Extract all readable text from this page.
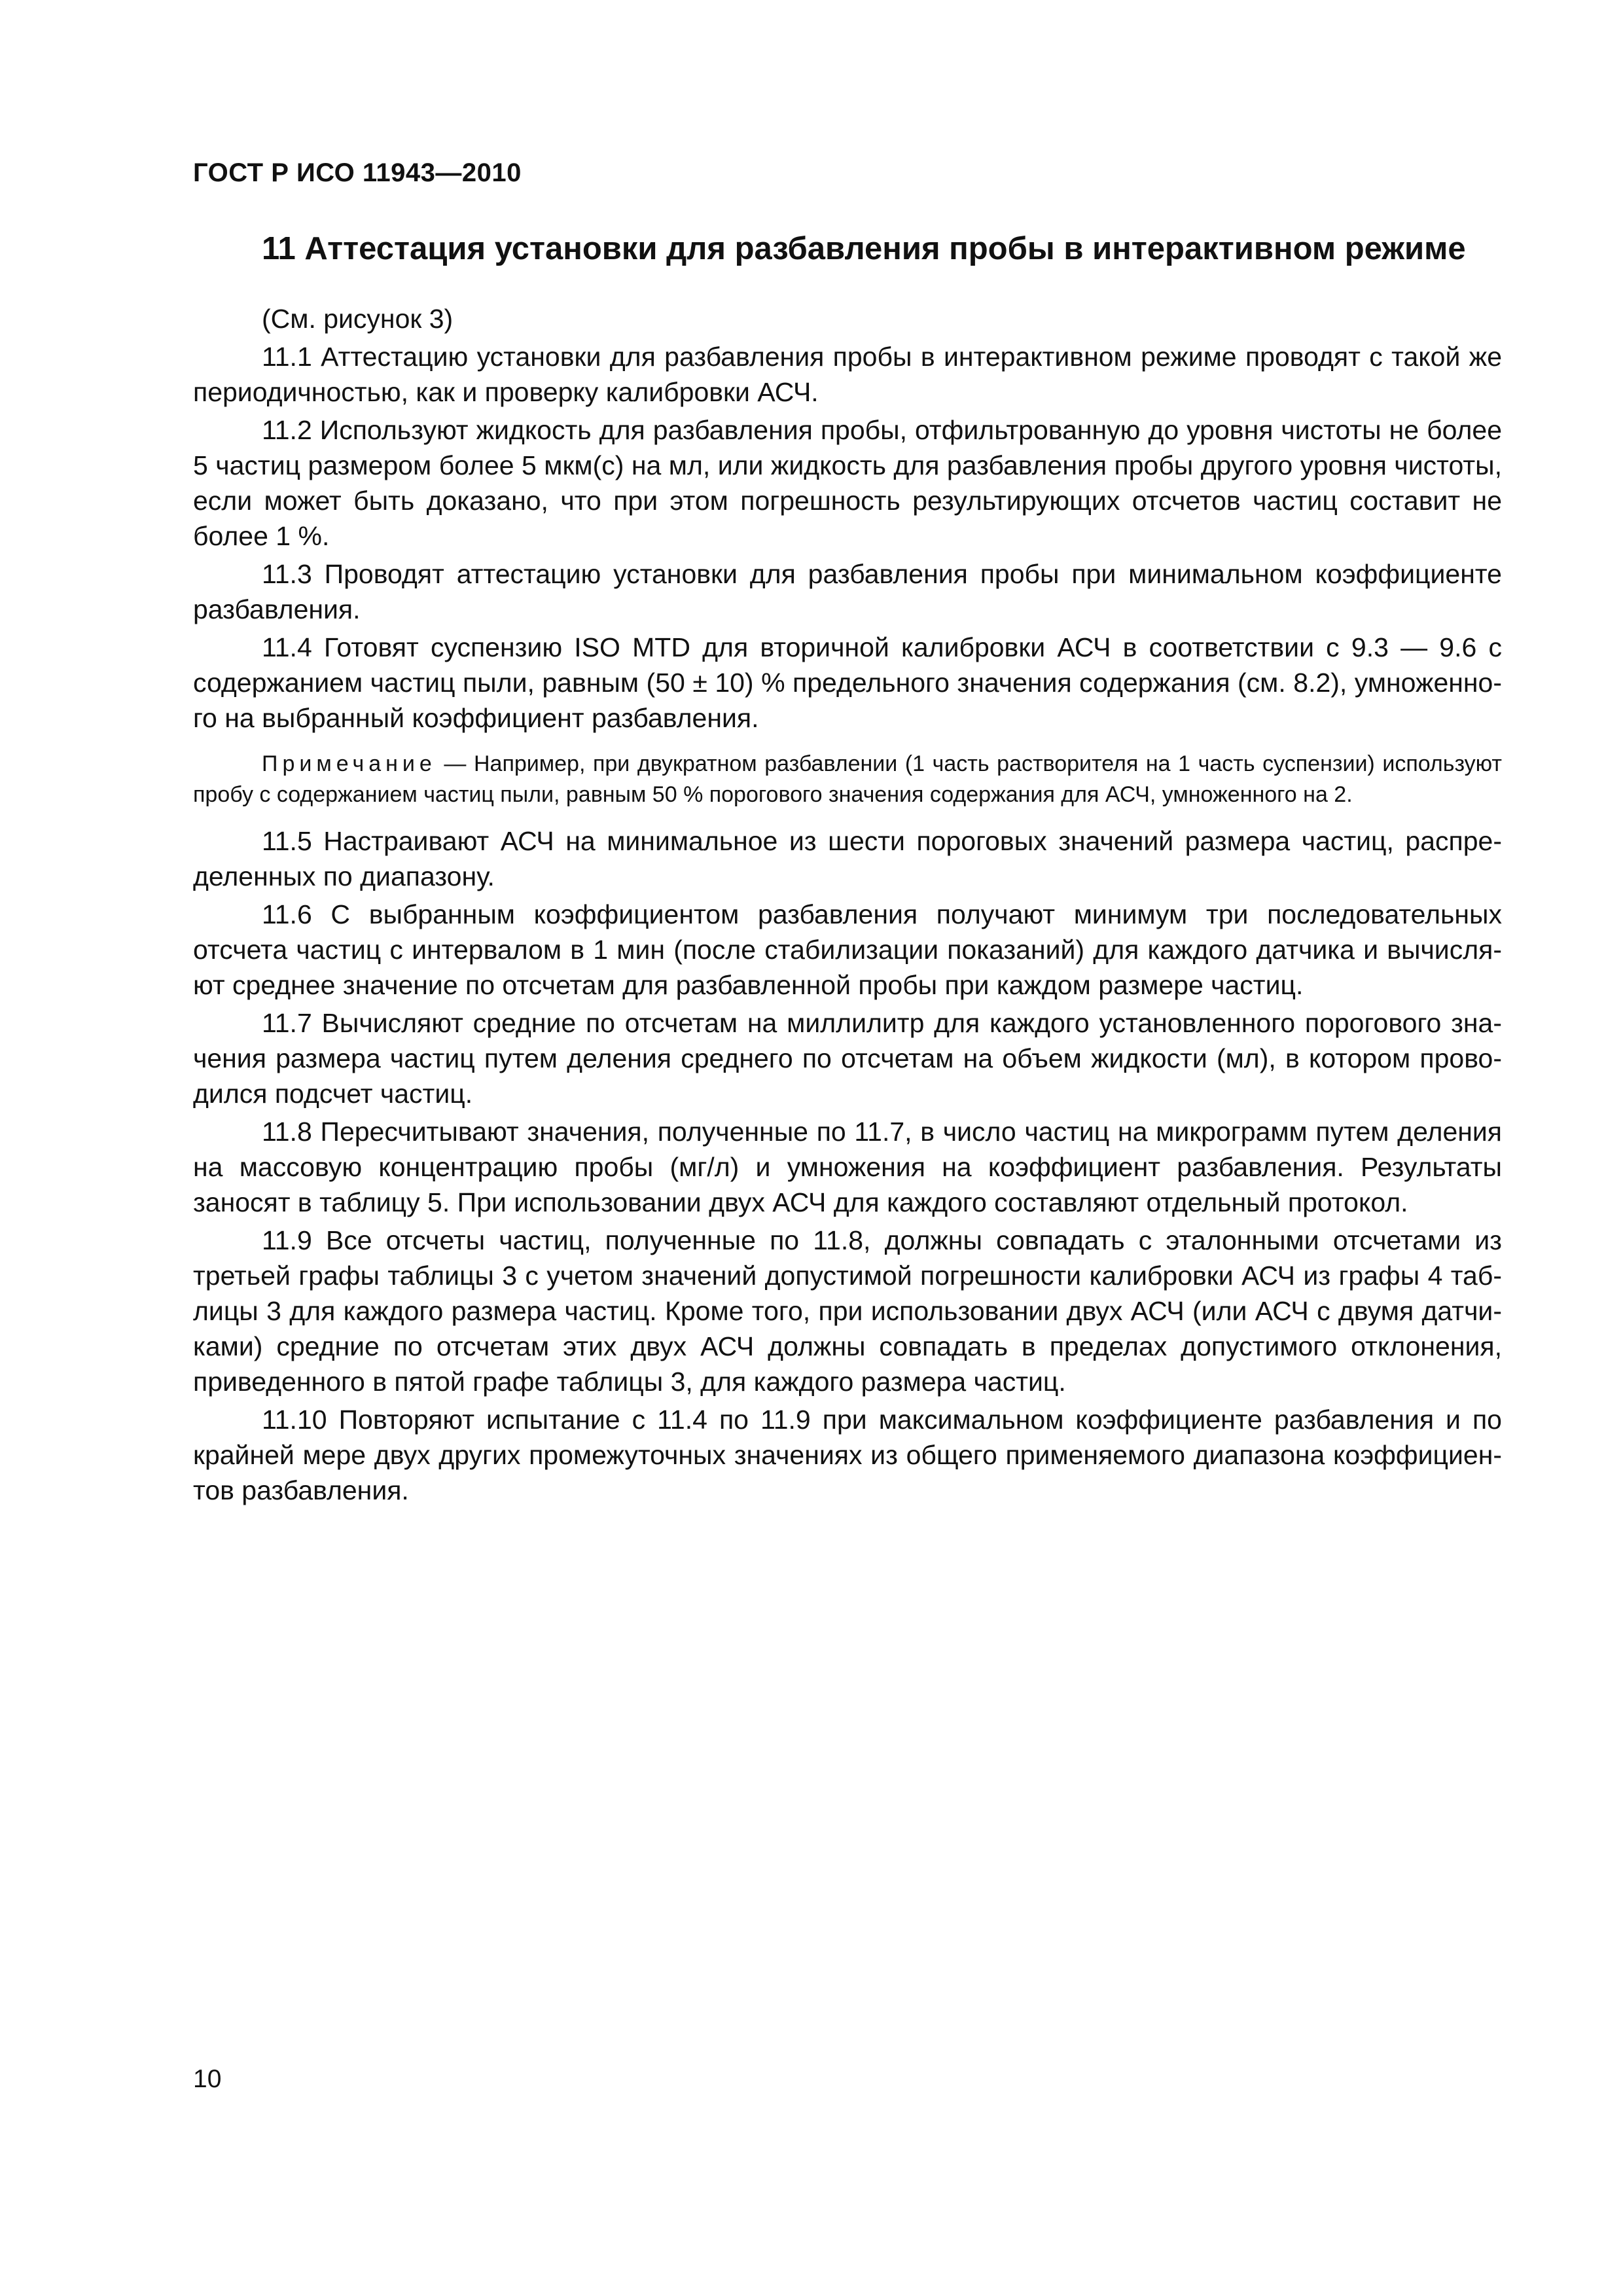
ГОСТ Р ИСО 11943—2010

11 Аттестация установки для разбавления пробы в интерактивном режиме

(См. рисунок 3)

11.1 Аттестацию установки для разбавления пробы в интерактивном режиме проводят с такой же периодичностью, как и проверку калибровки АСЧ.

11.2 Используют жидкость для разбавления пробы, отфильтрованную до уровня чистоты не более 5 частиц размером более 5 мкм(с) на мл, или жидкость для разбавления пробы другого уровня чистоты, если может быть доказано, что при этом погрешность результирующих отсчетов частиц составит не более 1 %.

11.3 Проводят аттестацию установки для разбавления пробы при минимальном коэффициенте разбавления.

11.4 Готовят суспензию ISO MTD для вторичной калибровки АСЧ в соответствии с 9.3 — 9.6 с содержанием частиц пыли, равным (50 ± 10) % предельного значения содержания (см. 8.2), умноженного на выбранный коэффициент разбавления.

Примечание — Например, при двукратном разбавлении (1 часть растворителя на 1 часть суспензии) используют пробу с содержанием частиц пыли, равным 50 % порогового значения содержания для АСЧ, умноженного на 2.

11.5 Настраивают АСЧ на минимальное из шести пороговых значений размера частиц, распределенных по диапазону.

11.6 С выбранным коэффициентом разбавления получают минимум три последовательных отсчета частиц с интервалом в 1 мин (после стабилизации показаний) для каждого датчика и вычисляют среднее значение по отсчетам для разбавленной пробы при каждом размере частиц.

11.7 Вычисляют средние по отсчетам на миллилитр для каждого установленного порогового значения размера частиц путем деления среднего по отсчетам на объем жидкости (мл), в котором проводился подсчет частиц.

11.8 Пересчитывают значения, полученные по 11.7, в число частиц на микрограмм путем деления на массовую концентрацию пробы (мг/л) и умножения на коэффициент разбавления. Результаты заносят в таблицу 5. При использовании двух АСЧ для каждого составляют отдельный протокол.

11.9 Все отсчеты частиц, полученные по 11.8, должны совпадать с эталонными отсчетами из третьей графы таблицы 3 с учетом значений допустимой погрешности калибровки АСЧ из графы 4 таблицы 3 для каждого размера частиц. Кроме того, при использовании двух АСЧ (или АСЧ с двумя датчиками) средние по отсчетам этих двух АСЧ должны совпадать в пределах допустимого отклонения, приведенного в пятой графе таблицы 3, для каждого размера частиц.

11.10 Повторяют испытание с 11.4 по 11.9 при максимальном коэффициенте разбавления и по крайней мере двух других промежуточных значениях из общего применяемого диапазона коэффициентов разбавления.

10
